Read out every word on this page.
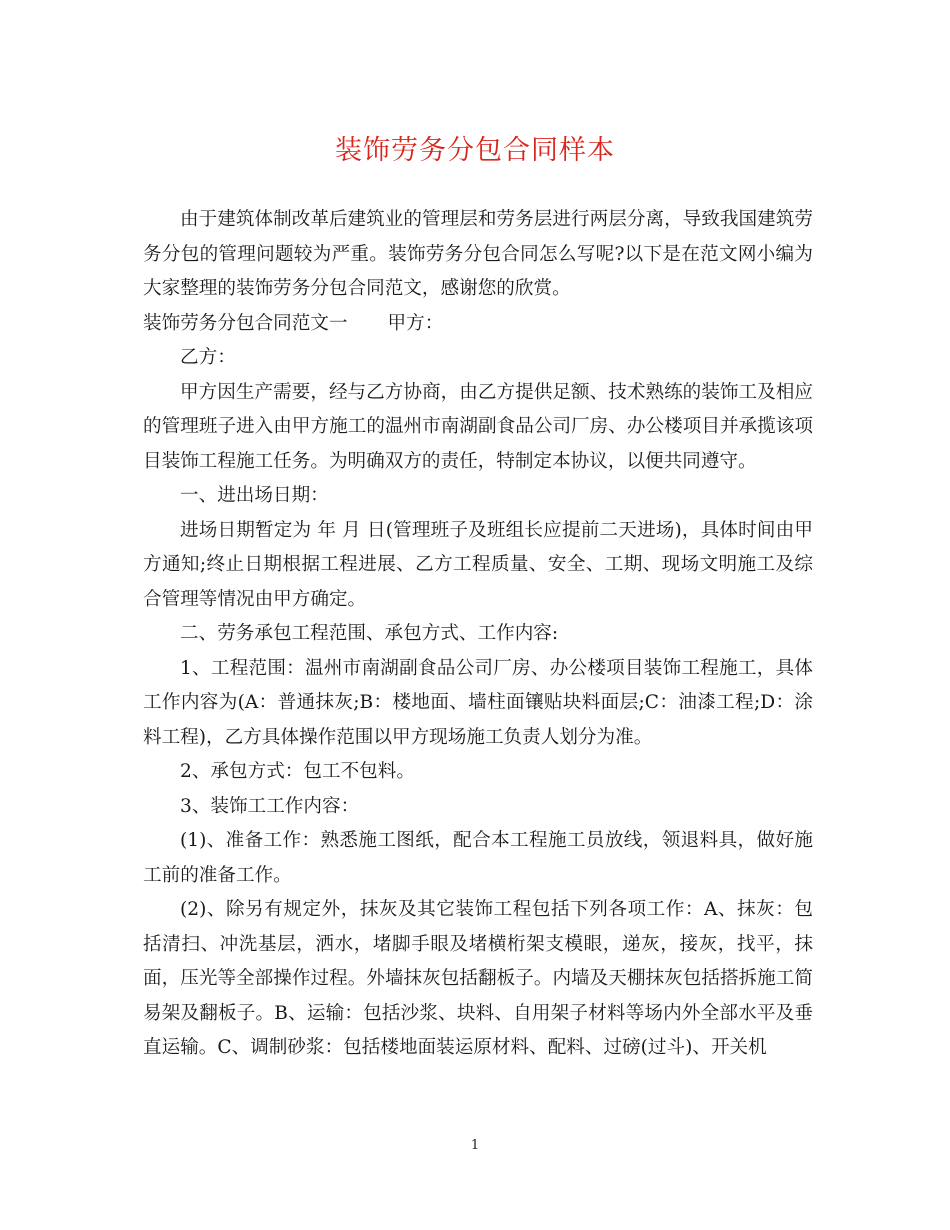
装饰劳务分包合同样本

由于建筑体制改革后建筑业的管理层和劳务层进行两层分离，导致我国建筑劳务分包的管理问题较为严重。装饰劳务分包合同怎么写呢?以下是在范文网小编为大家整理的装饰劳务分包合同范文，感谢您的欣赏。

装饰劳务分包合同范文一 甲方：

乙方：

甲方因生产需要，经与乙方协商，由乙方提供足额、技术熟练的装饰工及相应的管理班子进入由甲方施工的温州市南湖副食品公司厂房、办公楼项目并承揽该项目装饰工程施工任务。为明确双方的责任，特制定本协议，以便共同遵守。

一、进出场日期：

进场日期暂定为 年 月 日(管理班子及班组长应提前二天进场)，具体时间由甲方通知;终止日期根据工程进展、乙方工程质量、安全、工期、现场文明施工及综合管理等情况由甲方确定。

二、劳务承包工程范围、承包方式、工作内容:

1、工程范围：温州市南湖副食品公司厂房、办公楼项目装饰工程施工，具体工作内容为(A：普通抹灰;B：楼地面、墙柱面镶贴块料面层;C：油漆工程;D：涂料工程)，乙方具体操作范围以甲方现场施工负责人划分为准。

2、承包方式：包工不包料。

3、装饰工工作内容：

(1)、准备工作：熟悉施工图纸，配合本工程施工员放线，领退料具，做好施工前的准备工作。

(2)、除另有规定外，抹灰及其它装饰工程包括下列各项工作：A、抹灰：包括清扫、冲洗基层，洒水，堵脚手眼及堵横桁架支模眼，递灰，接灰，找平，抹面，压光等全部操作过程。外墙抹灰包括翻板子。内墙及天棚抹灰包括搭拆施工简易架及翻板子。B、运输：包括沙浆、块料、自用架子材料等场内外全部水平及垂直运输。C、调制砂浆：包括楼地面装运原材料、配料、过磅(过斗)、开关机

1
